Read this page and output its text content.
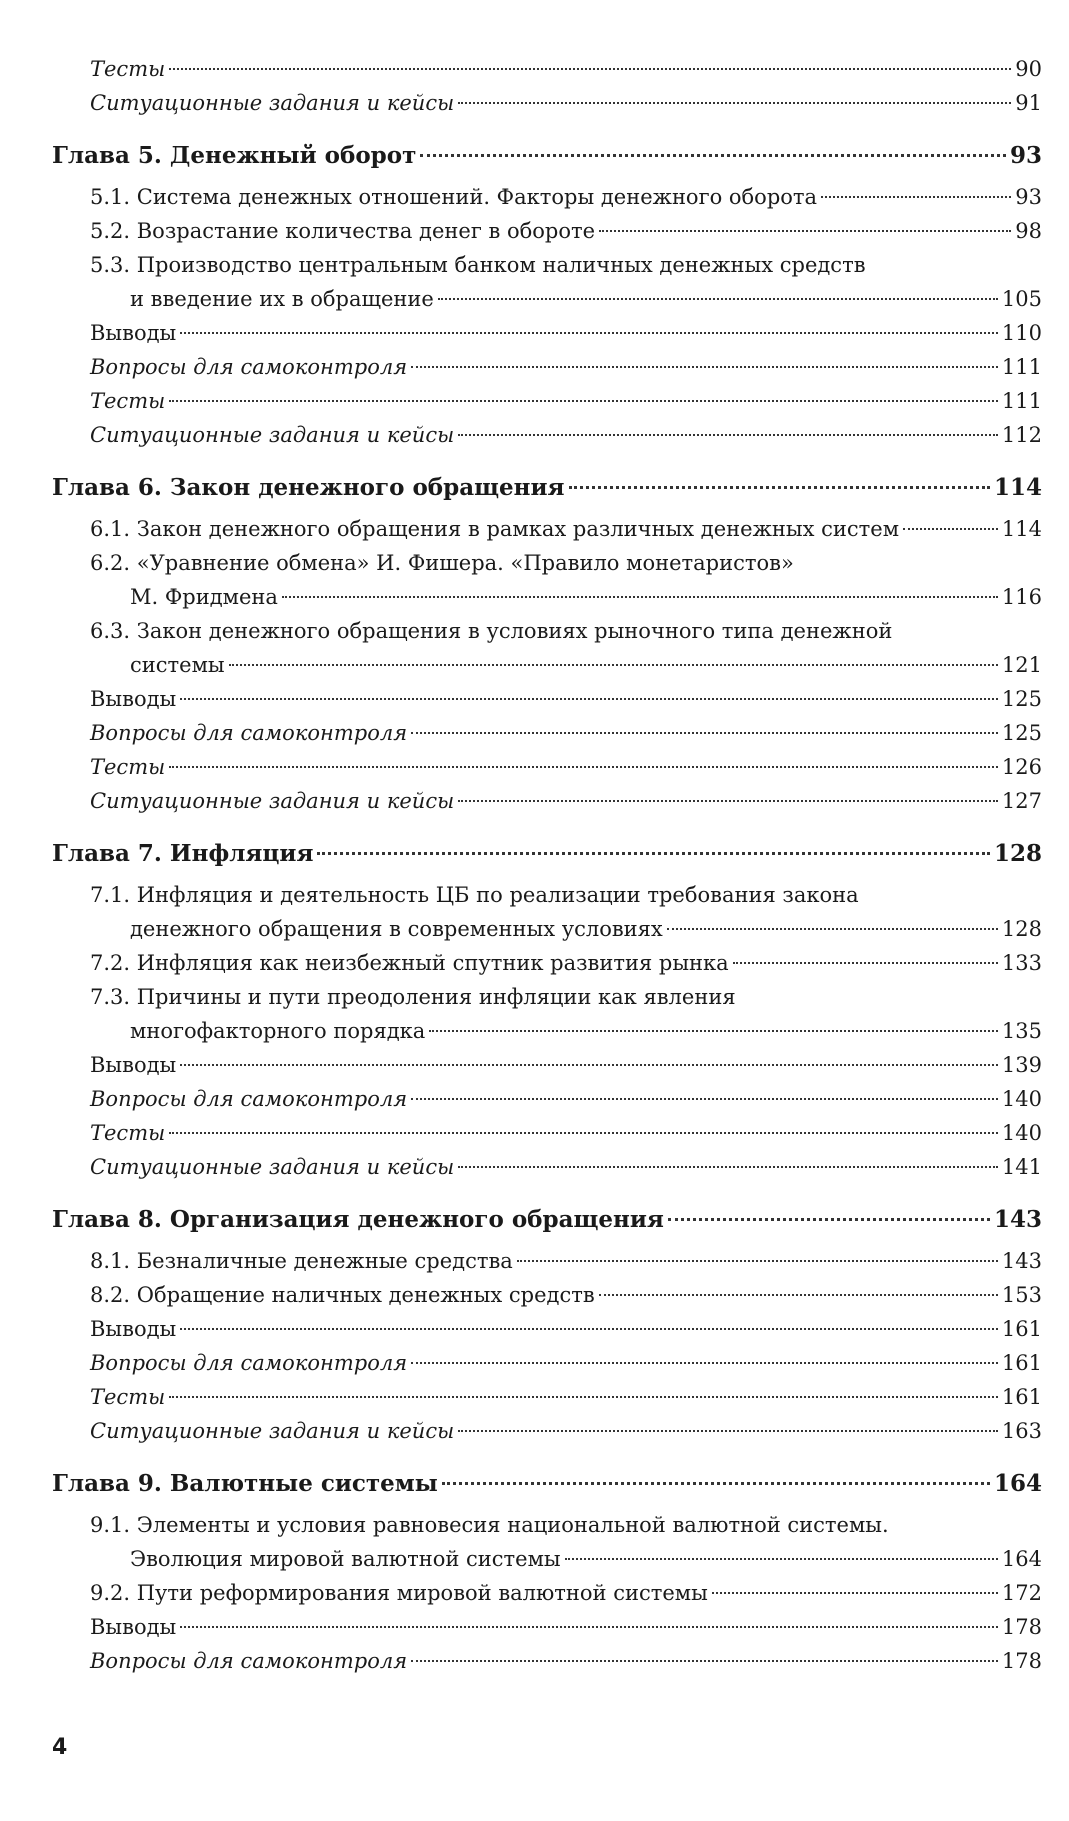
Тесты	90
Ситуационные задания и кейсы	91
Глава 5. Денежный оборот	93
5.1. Система денежных отношений. Факторы денежного оборота	93
5.2. Возрастание количества денег в обороте	98
5.3. Производство центральным банком наличных денежных средств
и введение их в обращение	105
Выводы	110
Вопросы для самоконтроля	111
Тесты	111
Ситуационные задания и кейсы	112
Глава 6. Закон денежного обращения	114
6.1. Закон денежного обращения в рамках различных денежных систем	114
6.2. «Уравнение обмена» И. Фишера. «Правило монетаристов»
М. Фридмена	116
6.3. Закон денежного обращения в условиях рыночного типа денежной
системы	121
Выводы	125
Вопросы для самоконтроля	125
Тесты	126
Ситуационные задания и кейсы	127
Глава 7. Инфляция	128
7.1. Инфляция и деятельность ЦБ по реализации требования закона
денежного обращения в современных условиях	128
7.2. Инфляция как неизбежный спутник развития рынка	133
7.3. Причины и пути преодоления инфляции как явления
многофакторного порядка	135
Выводы	139
Вопросы для самоконтроля	140
Тесты	140
Ситуационные задания и кейсы	141
Глава 8. Организация денежного обращения	143
8.1. Безналичные денежные средства	143
8.2. Обращение наличных денежных средств	153
Выводы	161
Вопросы для самоконтроля	161
Тесты	161
Ситуационные задания и кейсы	163
Глава 9. Валютные системы	164
9.1. Элементы и условия равновесия национальной валютной системы.
Эволюция мировой валютной системы	164
9.2. Пути реформирования мировой валютной системы	172
Выводы	178
Вопросы для самоконтроля	178
4
